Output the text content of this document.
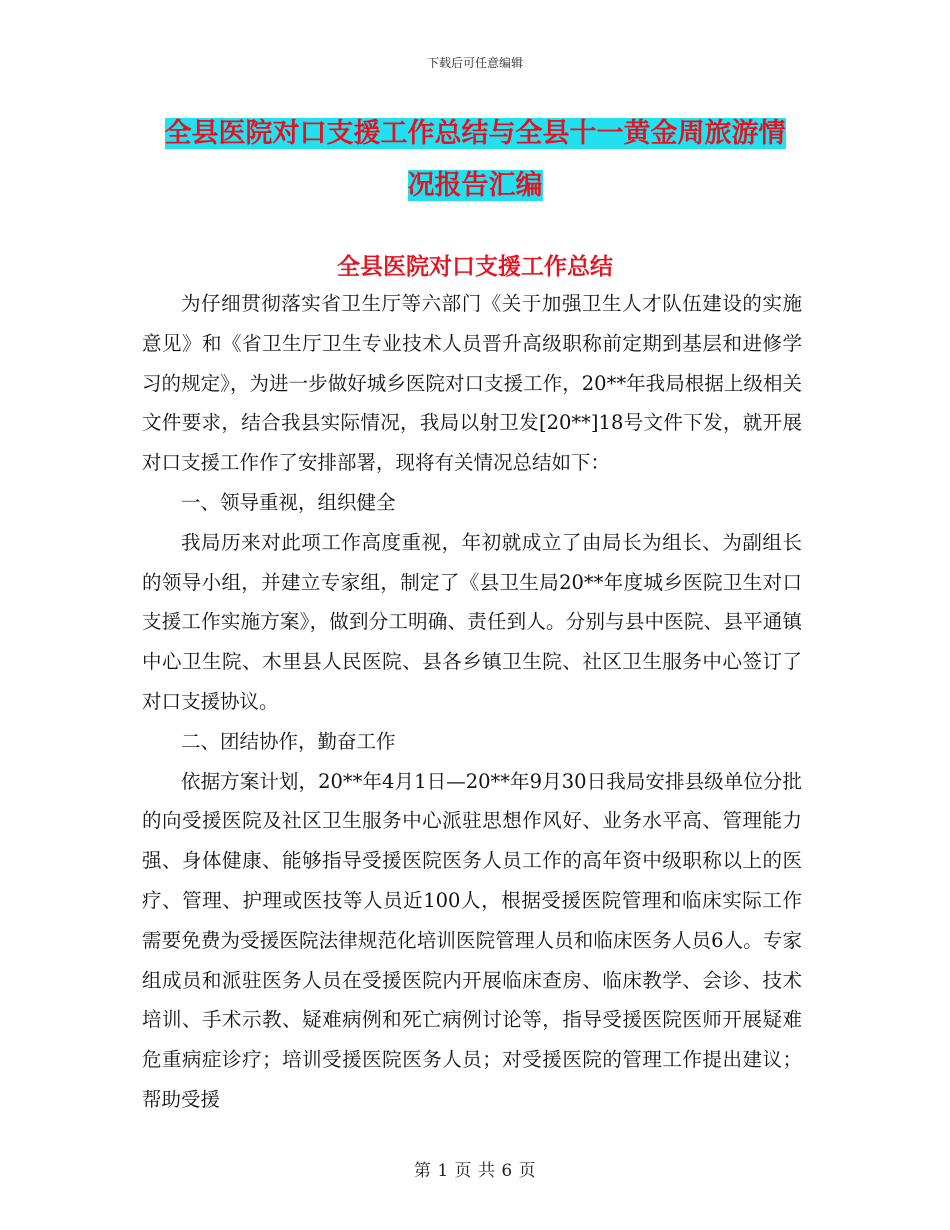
下载后可任意编辑
全县医院对口支援工作总结与全县十一黄金周旅游情
况报告汇编
全县医院对口支援工作总结

为仔细贯彻落实省卫生厅等六部门《关于加强卫生人才队伍建设的实施意见》和《省卫生厅卫生专业技术人员晋升高级职称前定期到基层和进修学习的规定》，为进一步做好城乡医院对口支援工作，20**年我局根据上级相关文件要求，结合我县实际情况，我局以射卫发[20**]18号文件下发，就开展对口支援工作作了安排部署，现将有关情况总结如下：

一、领导重视，组织健全

我局历来对此项工作高度重视，年初就成立了由局长为组长、为副组长的领导小组，并建立专家组，制定了《县卫生局20**年度城乡医院卫生对口支援工作实施方案》，做到分工明确、责任到人。分别与县中医院、县平通镇中心卫生院、木里县人民医院、县各乡镇卫生院、社区卫生服务中心签订了对口支援协议。

二、团结协作，勤奋工作

依据方案计划，20**年4月1日—20**年9月30日我局安排县级单位分批的向受援医院及社区卫生服务中心派驻思想作风好、业务水平高、管理能力强、身体健康、能够指导受援医院医务人员工作的高年资中级职称以上的医疗、管理、护理或医技等人员近100人，根据受援医院管理和临床实际工作需要免费为受援医院法律规范化培训医院管理人员和临床医务人员6人。专家组成员和派驻医务人员在受援医院内开展临床查房、临床教学、会诊、技术培训、手术示教、疑难病例和死亡病例讨论等，指导受援医院医师开展疑难危重病症诊疗；培训受援医院医务人员；对受援医院的管理工作提出建议；帮助受援

第 1 页 共 6 页
